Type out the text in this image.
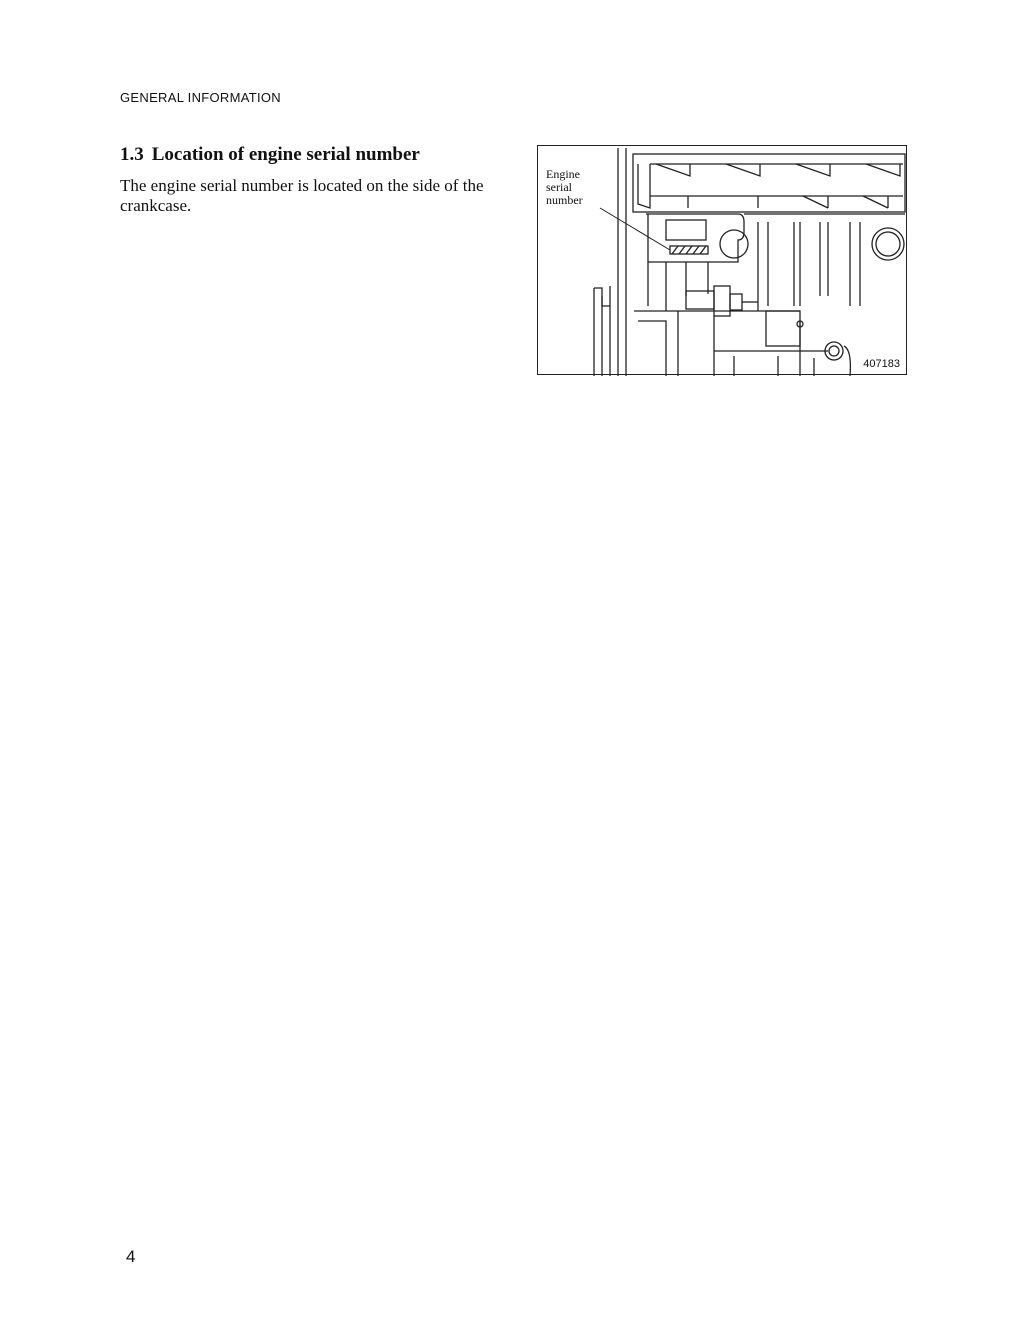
GENERAL INFORMATION
1.3 Location of engine serial number

The engine serial number is located on the side of the crankcase.

Engine
serial
number
407183
4
